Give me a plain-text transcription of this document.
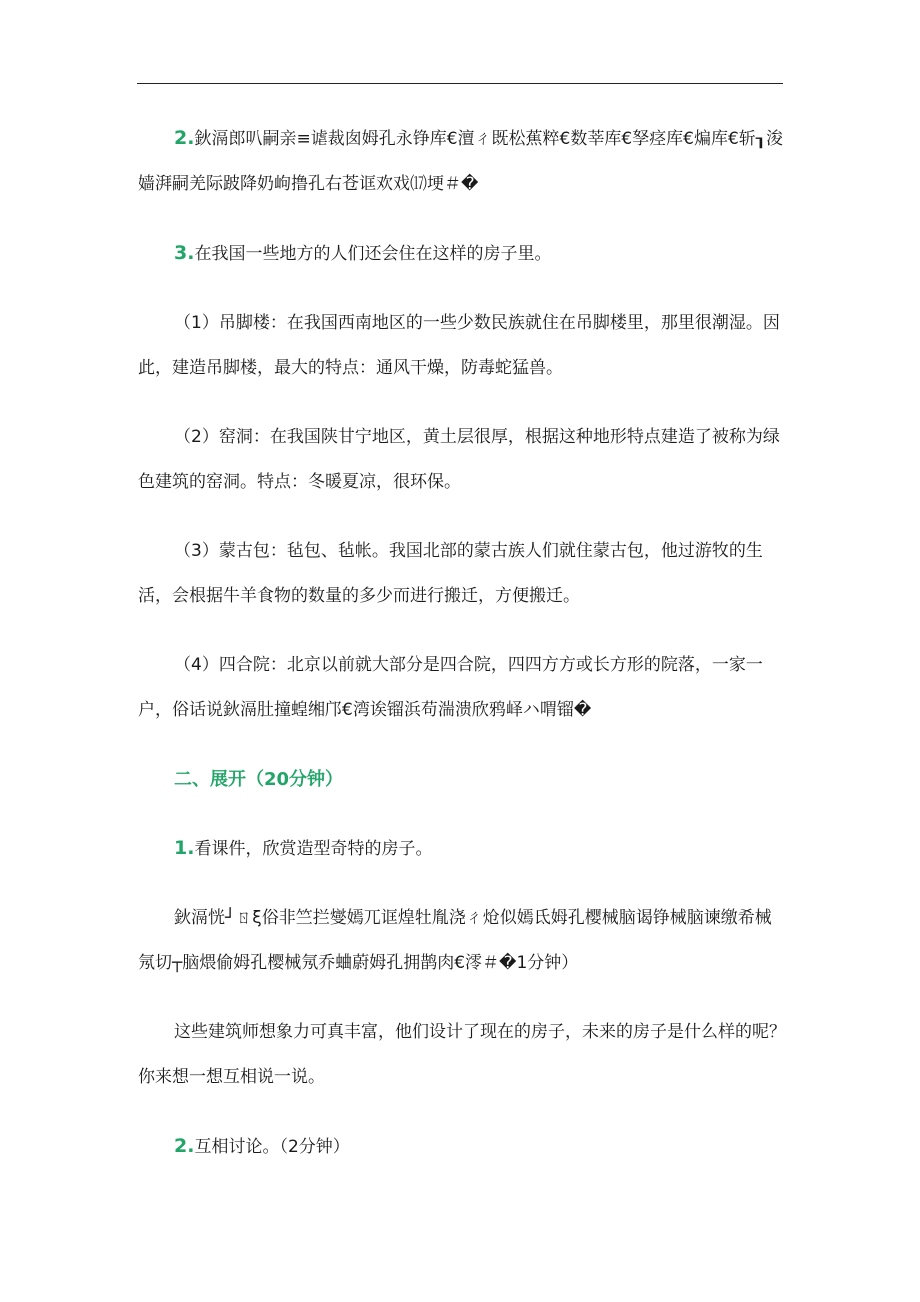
2.鈥滆郎叭嗣亲≡谑裁囱姆孔永铮库€澶ㄔ既松蕉粹€数莘库€孥痉库€煸库€斩┒浚嫱湃嗣羌际跛降奶岣撸孔右苍诓欢戏⒄埂＃�

3.在我国一些地方的人们还会住在这样的房子里。

（1）吊脚楼：在我国西南地区的一些少数民族就住在吊脚楼里，那里很潮湿。因此，建造吊脚楼，最大的特点：通风干燥，防毒蛇猛兽。

（2）窑洞：在我国陕甘宁地区，黄土层很厚，根据这种地形特点建造了被称为绿色建筑的窑洞。特点：冬暖夏凉，很环保。

（3）蒙古包：毡包、毡帐。我国北部的蒙古族人们就住蒙古包，他过游牧的生活，会根据牛羊食物的数量的多少而进行搬迁，方便搬迁。

（4）四合院：北京以前就大部分是四合院，四四方方或长方形的院落，一家一户，俗话说鈥滆肚撞蝗缃邝€湾诶镏浜苟湍溃欣鸦峄ハ喟镏�

二、展开（20分钟）

1.看课件，欣赏造型奇特的房子。

鈥滆恍┘ㄖξ俗非竺拦燮嫣兀诓煌牡胤浇ㄔ炝似嫣氐姆孔樱械脑谒铮械脑谏缴希械氖切┬脑煨偷姆孔樱械氖乔蛐蔚姆孔拥鹊肉€澪＃�1分钟）

这些建筑师想象力可真丰富，他们设计了现在的房子，未来的房子是什么样的呢？你来想一想互相说一说。

2.互相讨论。（2分钟）
